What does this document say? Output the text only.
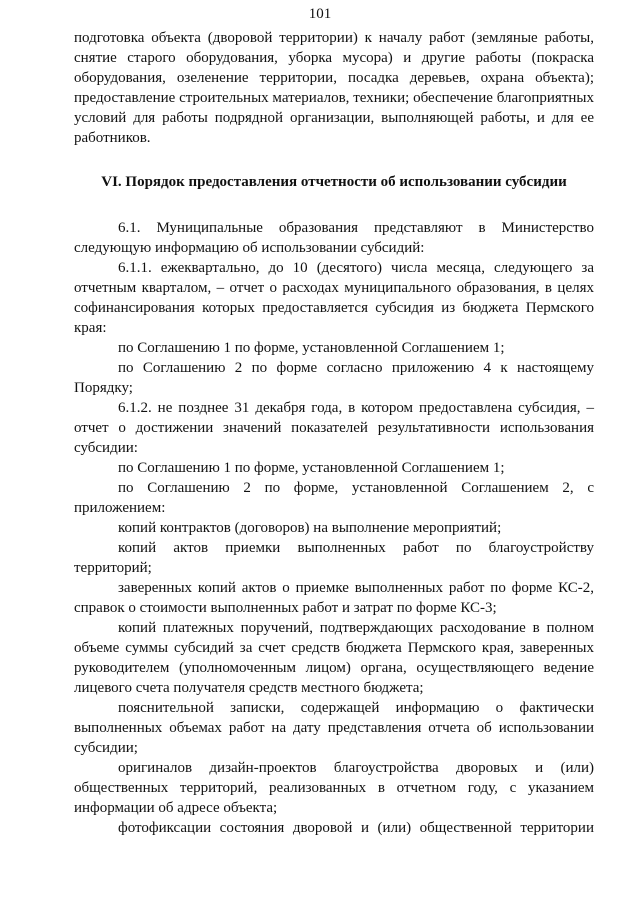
101

подготовка объекта (дворовой территории) к началу работ (земляные работы, снятие старого оборудования, уборка мусора) и другие работы (покраска оборудования, озеленение территории, посадка деревьев, охрана объекта); предоставление строительных материалов, техники; обеспечение благоприятных условий для работы подрядной организации, выполняющей работы, и для ее работников.

VI. Порядок предоставления отчетности об использовании субсидии

6.1. Муниципальные образования представляют в Министерство следующую информацию об использовании субсидий:

6.1.1. ежеквартально, до 10 (десятого) числа месяца, следующего за отчетным кварталом, – отчет о расходах муниципального образования, в целях софинансирования которых предоставляется субсидия из бюджета Пермского края:

по Соглашению 1 по форме, установленной Соглашением 1;

по Соглашению 2 по форме согласно приложению 4 к настоящему Порядку;

6.1.2. не позднее 31 декабря года, в котором предоставлена субсидия, – отчет о достижении значений показателей результативности использования субсидии:

по Соглашению 1 по форме, установленной Соглашением 1;

по Соглашению 2 по форме, установленной Соглашением 2, с приложением:

копий контрактов (договоров) на выполнение мероприятий;

копий актов приемки выполненных работ по благоустройству территорий;

заверенных копий актов о приемке выполненных работ по форме КС-2, справок о стоимости выполненных работ и затрат по форме КС-3;

копий платежных поручений, подтверждающих расходование в полном объеме суммы субсидий за счет средств бюджета Пермского края, заверенных руководителем (уполномоченным лицом) органа, осуществляющего ведение лицевого счета получателя средств местного бюджета;

пояснительной записки, содержащей информацию о фактически выполненных объемах работ на дату представления отчета об использовании субсидии;

оригиналов дизайн-проектов благоустройства дворовых и (или) общественных территорий, реализованных в отчетном году, с указанием информации об адресе объекта;

фотофиксации состояния дворовой и (или) общественной территории
